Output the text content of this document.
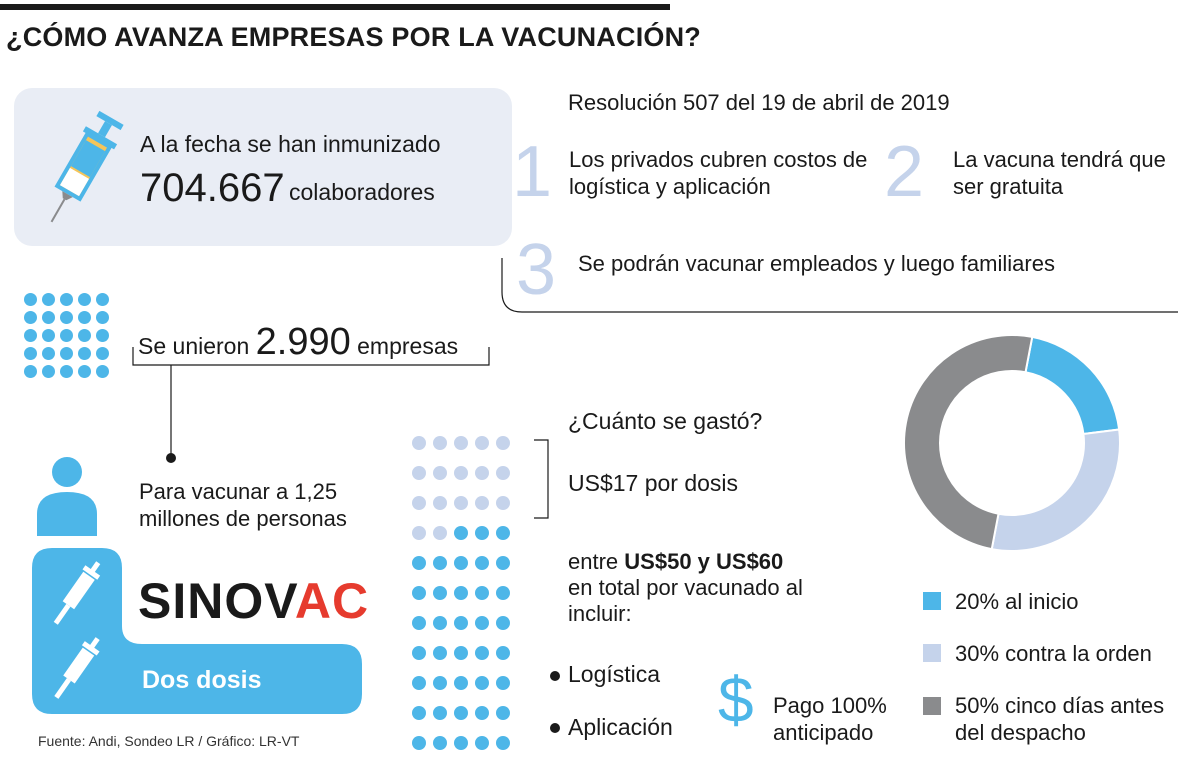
¿CÓMO AVANZA EMPRESAS POR LA VACUNACIÓN?
A la fecha se han inmunizado
704.667 colaboradores
Resolución 507 del 19 de abril de 2019
1 Los privados cubren costos de logística y aplicación	2 La vacuna tendrá que ser gratuita
3 Se podrán vacunar empleados y luego familiares
Se unieron 2.990 empresas
Para vacunar a 1,25 millones de personas
SINOVAC
Dos dosis
Fuente: Andi, Sondeo LR / Gráfico: LR-VT
¿Cuánto se gastó?
US$17 por dosis
entre US$50 y US$60
en total por vacunado al incluir:
Logística
Aplicación $ Pago 100% anticipado
20% al inicio
30% contra la orden
50% cinco días antes del despacho
